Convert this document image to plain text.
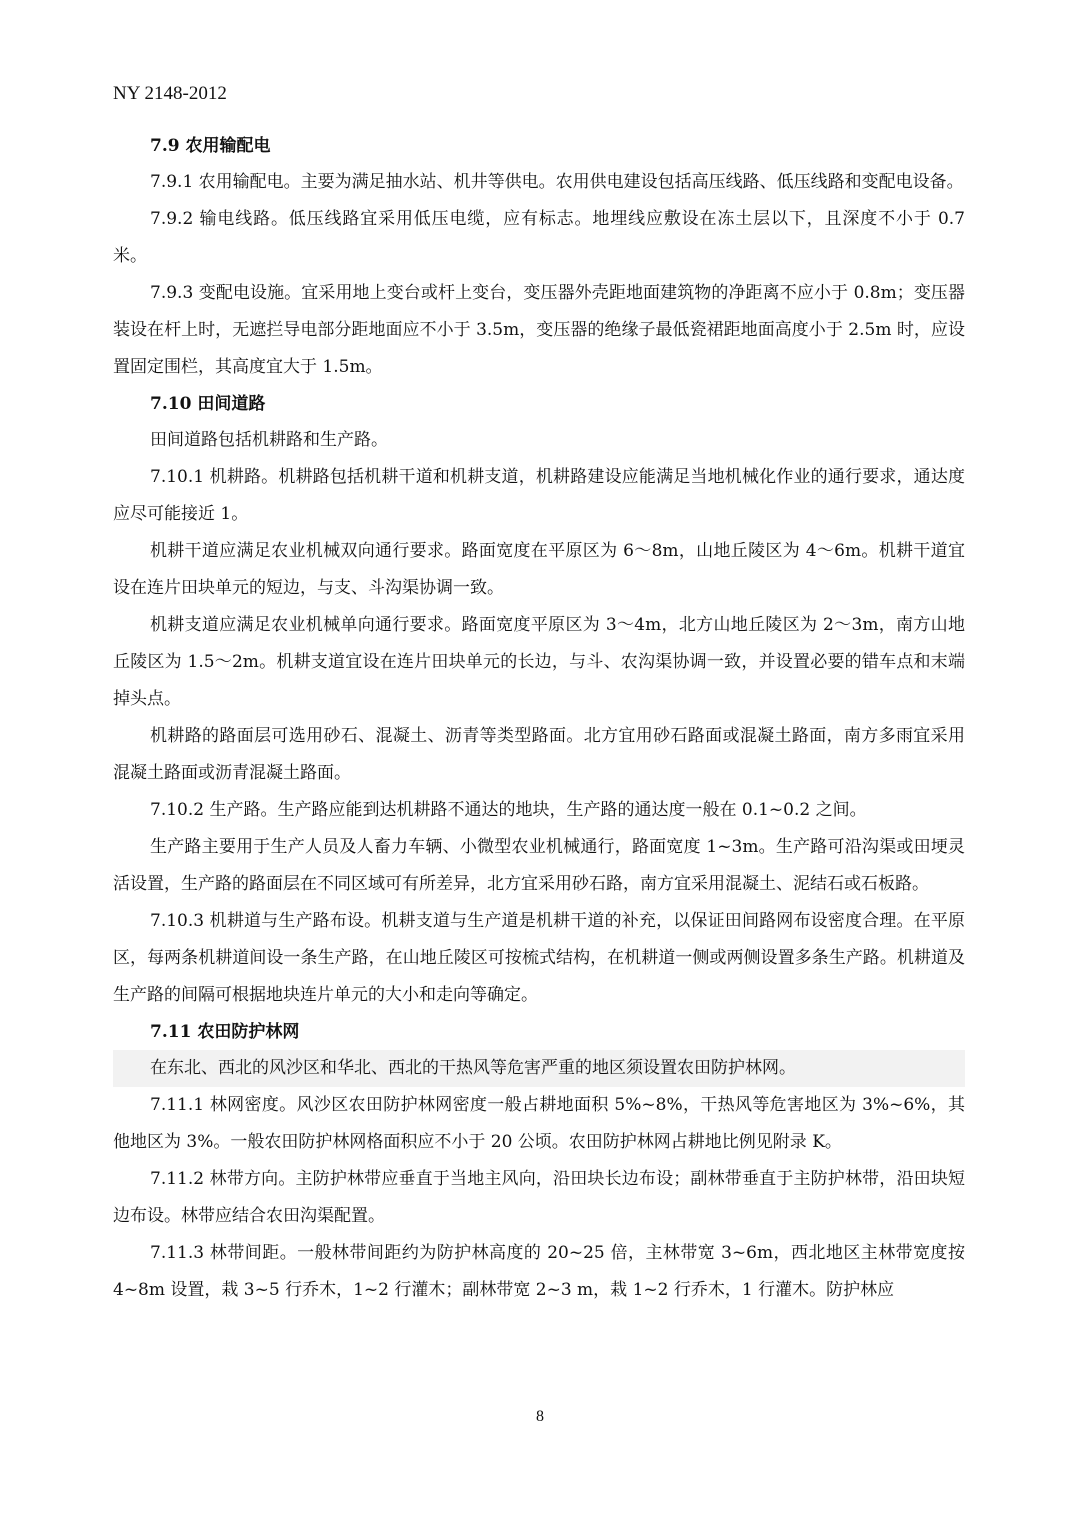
NY 2148-2012
7.9 农用输配电

7.9.1 农用输配电。主要为满足抽水站、机井等供电。农用供电建设包括高压线路、低压线路和变配电设备。

7.9.2 输电线路。低压线路宜采用低压电缆，应有标志。地埋线应敷设在冻土层以下，且深度不小于 0.7 米。

7.9.3 变配电设施。宜采用地上变台或杆上变台，变压器外壳距地面建筑物的净距离不应小于 0.8m；变压器装设在杆上时，无遮拦导电部分距地面应不小于 3.5m，变压器的绝缘子最低瓷裙距地面高度小于 2.5m 时，应设置固定围栏，其高度宜大于 1.5m。

7.10 田间道路

田间道路包括机耕路和生产路。

7.10.1 机耕路。机耕路包括机耕干道和机耕支道，机耕路建设应能满足当地机械化作业的通行要求，通达度应尽可能接近 1。

机耕干道应满足农业机械双向通行要求。路面宽度在平原区为 6～8m，山地丘陵区为 4～6m。机耕干道宜设在连片田块单元的短边，与支、斗沟渠协调一致。

机耕支道应满足农业机械单向通行要求。路面宽度平原区为 3～4m，北方山地丘陵区为 2～3m，南方山地丘陵区为 1.5～2m。机耕支道宜设在连片田块单元的长边，与斗、农沟渠协调一致，并设置必要的错车点和末端掉头点。

机耕路的路面层可选用砂石、混凝土、沥青等类型路面。北方宜用砂石路面或混凝土路面，南方多雨宜采用混凝土路面或沥青混凝土路面。

7.10.2 生产路。生产路应能到达机耕路不通达的地块，生产路的通达度一般在 0.1~0.2 之间。

生产路主要用于生产人员及人畜力车辆、小微型农业机械通行，路面宽度 1~3m。生产路可沿沟渠或田埂灵活设置，生产路的路面层在不同区域可有所差异，北方宜采用砂石路，南方宜采用混凝土、泥结石或石板路。

7.10.3 机耕道与生产路布设。机耕支道与生产道是机耕干道的补充，以保证田间路网布设密度合理。在平原区，每两条机耕道间设一条生产路，在山地丘陵区可按梳式结构，在机耕道一侧或两侧设置多条生产路。机耕道及生产路的间隔可根据地块连片单元的大小和走向等确定。

7.11 农田防护林网

在东北、西北的风沙区和华北、西北的干热风等危害严重的地区须设置农田防护林网。

7.11.1 林网密度。风沙区农田防护林网密度一般占耕地面积 5%~8%，干热风等危害地区为 3%~6%，其他地区为 3%。一般农田防护林网格面积应不小于 20 公顷。农田防护林网占耕地比例见附录 K。

7.11.2 林带方向。主防护林带应垂直于当地主风向，沿田块长边布设；副林带垂直于主防护林带，沿田块短边布设。林带应结合农田沟渠配置。

7.11.3 林带间距。一般林带间距约为防护林高度的 20~25 倍，主林带宽 3~6m，西北地区主林带宽度按 4~8m 设置，栽 3~5 行乔木，1~2 行灌木；副林带宽 2~3 m，栽 1~2 行乔木，1 行灌木。防护林应

8
